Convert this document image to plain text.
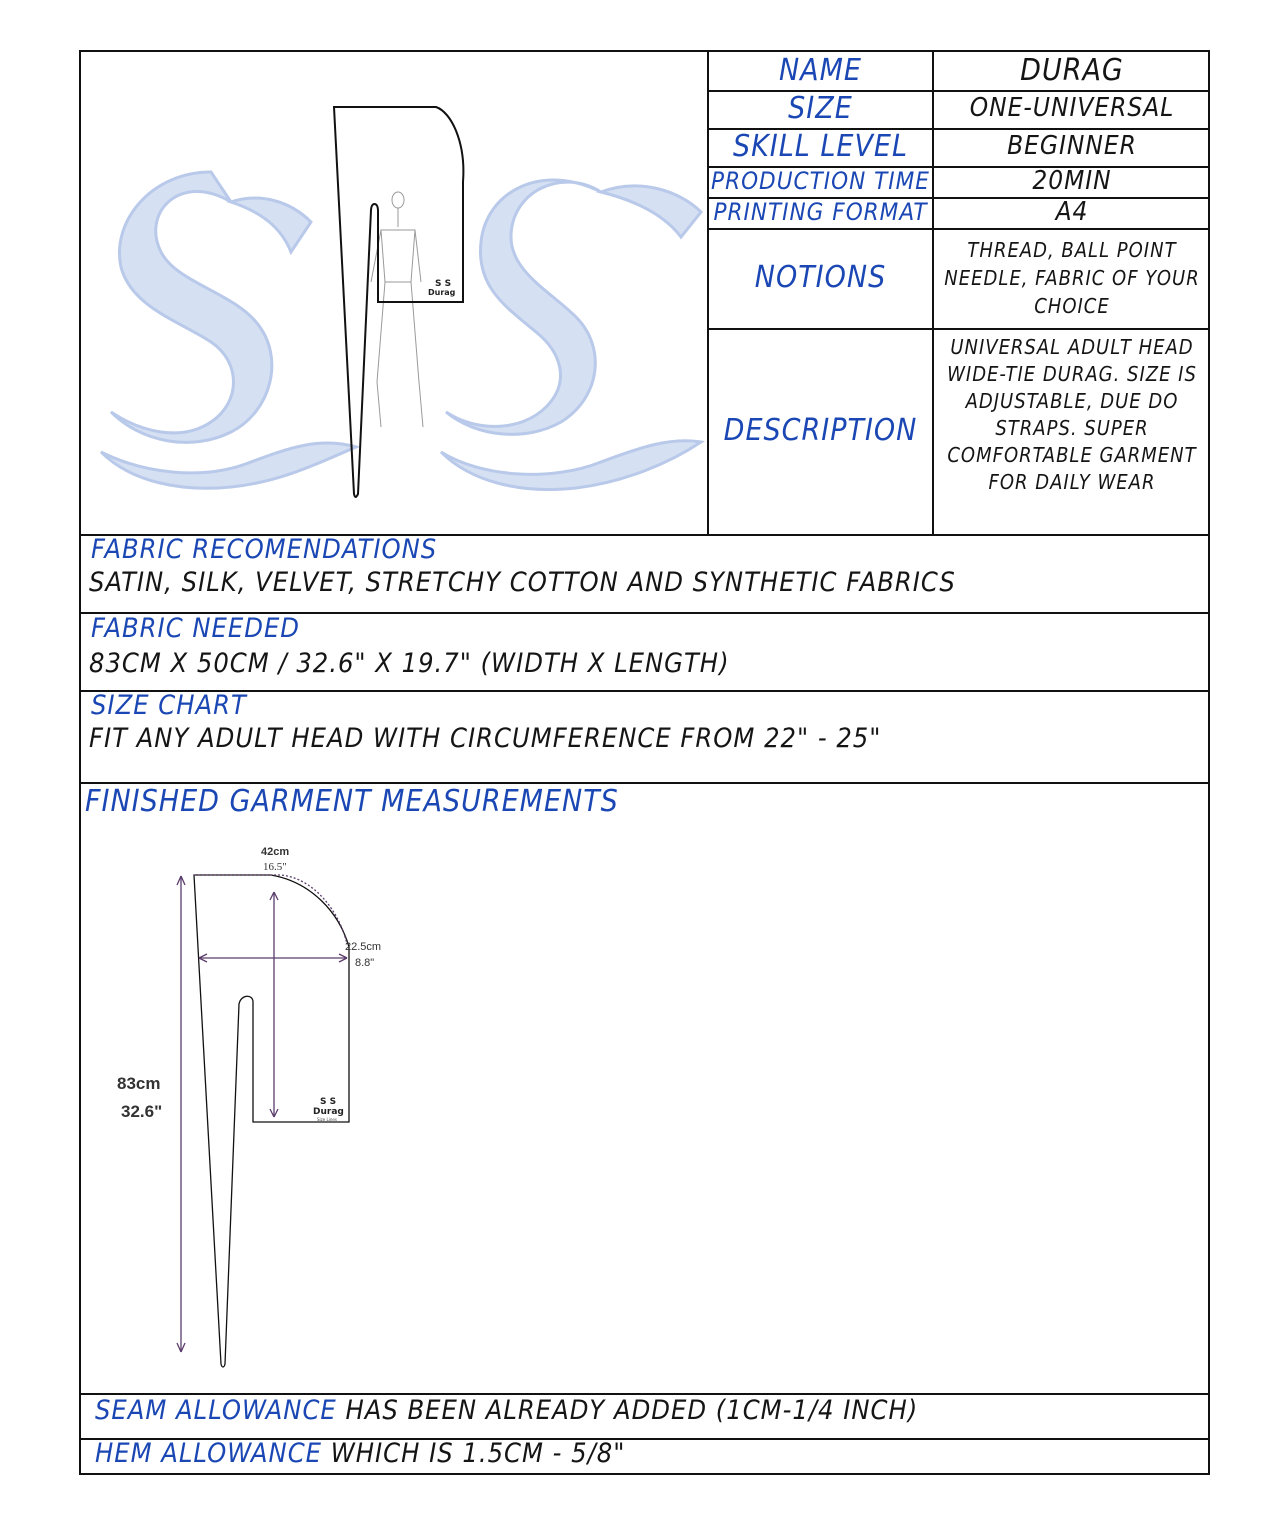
S S
Durag
NAME	DURAG
SIZE	ONE-UNIVERSAL
SKILL LEVEL	BEGINNER
PRODUCTION TIME	20MIN
PRINTING FORMAT	A4
NOTIONS
THREAD, BALL POINT NEEDLE, FABRIC OF YOUR CHOICE
DESCRIPTION
UNIVERSAL ADULT HEAD WIDE-TIE DURAG. SIZE IS ADJUSTABLE, DUE DO STRAPS. SUPER COMFORTABLE GARMENT FOR DAILY WEAR
FABRIC RECOMENDATIONS
SATIN, SILK, VELVET, STRETCHY COTTON AND SYNTHETIC FABRICS
FABRIC NEEDED
83CM X 50CM / 32.6" X 19.7" (WIDTH X LENGTH)
SIZE CHART
FIT ANY ADULT HEAD WITH CIRCUMFERENCE FROM 22" - 25"
FINISHED GARMENT MEASUREMENTS
42cm
16.5"
22.5cm
8.8"
83cm
32.6"	S S
Durag
Size Lines
SEAM ALLOWANCE HAS BEEN ALREADY ADDED (1CM-1/4 INCH)
HEM ALLOWANCE WHICH IS 1.5CM - 5/8"
